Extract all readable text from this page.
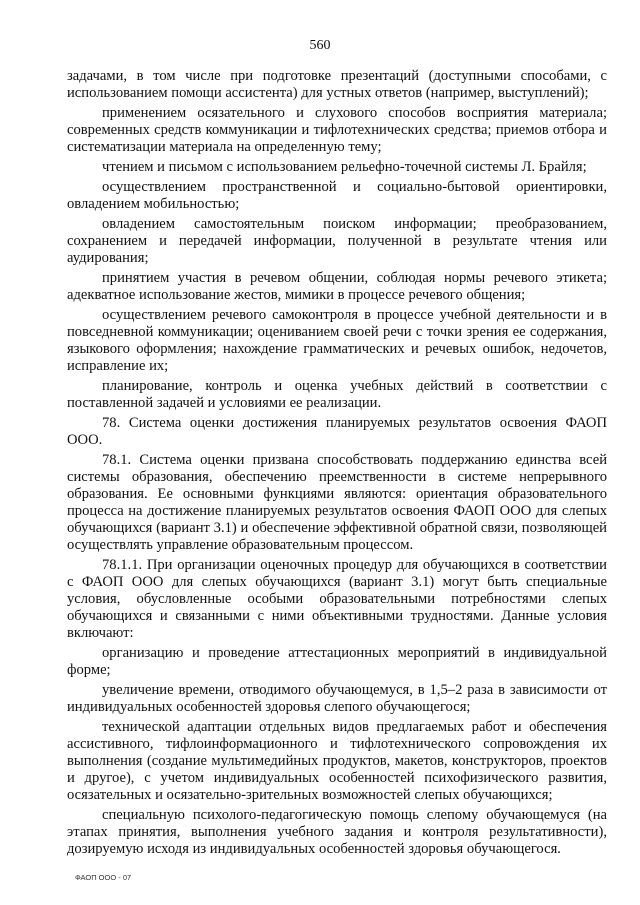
560

задачами, в том числе при подготовке презентаций (доступными способами, с использованием помощи ассистента) для устных ответов (например, выступлений);

применением осязательного и слухового способов восприятия материала; современных средств коммуникации и тифлотехнических средства; приемов отбора и систематизации материала на определенную тему;

чтением и письмом с использованием рельефно-точечной системы Л. Брайля;

осуществлением пространственной и социально-бытовой ориентировки, овладением мобильностью;

овладением самостоятельным поиском информации; преобразованием, сохранением и передачей информации, полученной в результате чтения или аудирования;

принятием участия в речевом общении, соблюдая нормы речевого этикета; адекватное использование жестов, мимики в процессе речевого общения;

осуществлением речевого самоконтроля в процессе учебной деятельности и в повседневной коммуникации; оцениванием своей речи с точки зрения ее содержания, языкового оформления; нахождение грамматических и речевых ошибок, недочетов, исправление их;

планирование, контроль и оценка учебных действий в соответствии с поставленной задачей и условиями ее реализации.

78. Система оценки достижения планируемых результатов освоения ФАОП ООО.

78.1. Система оценки призвана способствовать поддержанию единства всей системы образования, обеспечению преемственности в системе непрерывного образования. Ее основными функциями являются: ориентация образовательного процесса на достижение планируемых результатов освоения ФАОП ООО для слепых обучающихся (вариант 3.1) и обеспечение эффективной обратной связи, позволяющей осуществлять управление образовательным процессом.

78.1.1. При организации оценочных процедур для обучающихся в соответствии с ФАОП ООО для слепых обучающихся (вариант 3.1) могут быть специальные условия, обусловленные особыми образовательными потребностями слепых обучающихся и связанными с ними объективными трудностями. Данные условия включают:

организацию и проведение аттестационных мероприятий в индивидуальной форме;

увеличение времени, отводимого обучающемуся, в 1,5–2 раза в зависимости от индивидуальных особенностей здоровья слепого обучающегося;

технической адаптации отдельных видов предлагаемых работ и обеспечения ассистивного, тифлоинформационного и тифлотехнического сопровождения их выполнения (создание мультимедийных продуктов, макетов, конструкторов, проектов и другое), с учетом индивидуальных особенностей психофизического развития, осязательных и осязательно-зрительных возможностей слепых обучающихся;

специальную психолого-педагогическую помощь слепому обучающемуся (на этапах принятия, выполнения учебного задания и контроля результативности), дозируемую исходя из индивидуальных особенностей здоровья обучающегося.

ФАОП ООО - 07
